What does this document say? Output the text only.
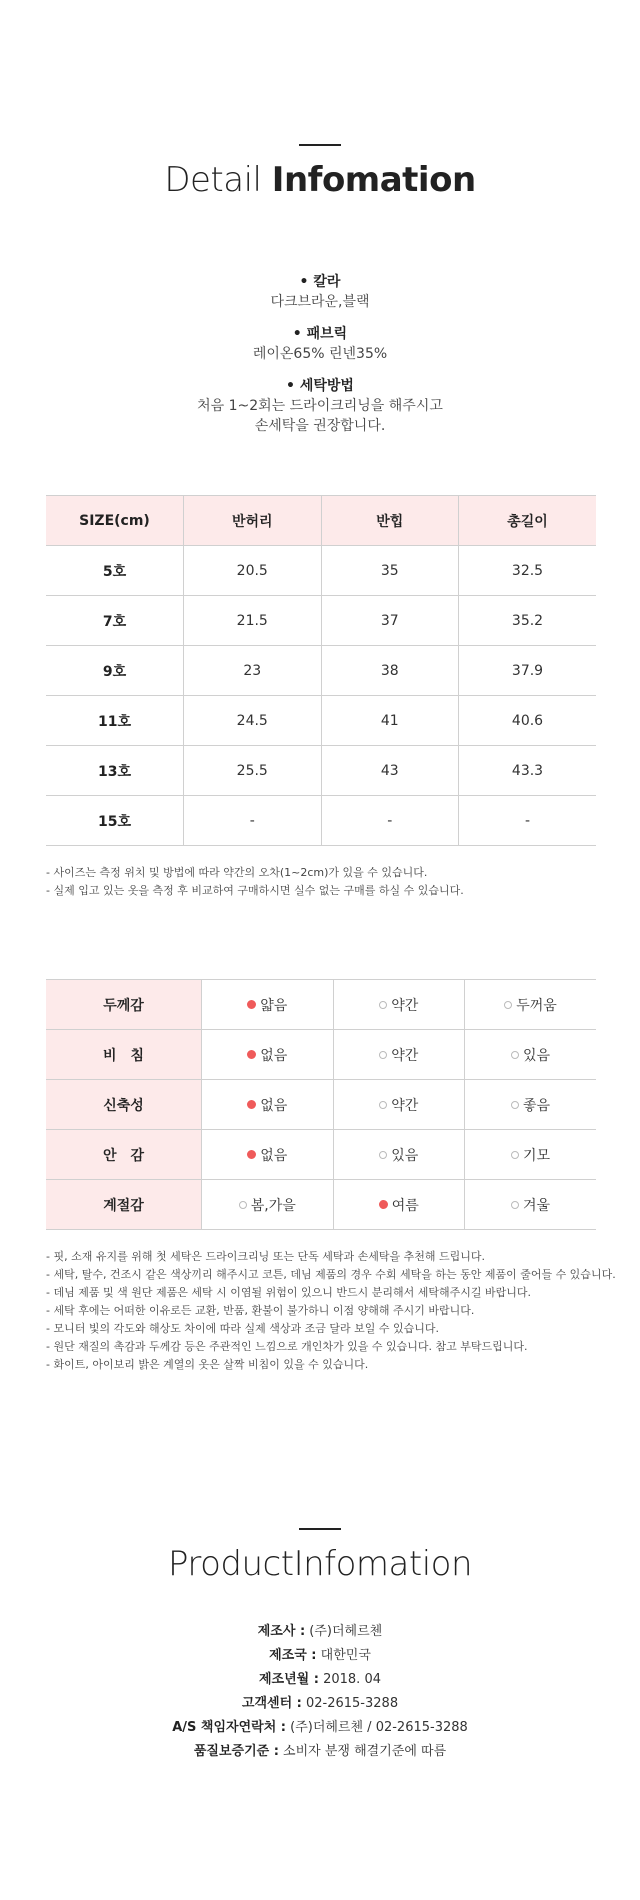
Detail Infomation
• 칼라
다크브라운,블랙
• 패브릭
레이온65% 린넨35%
• 세탁방법
처음 1~2회는 드라이크리닝을 해주시고
손세탁을 권장합니다.
SIZE(cm)	반허리	반힙	총길이
5호	20.5	35	32.5
7호	21.5	37	35.2
9호	23	38	37.9
11호	24.5	41	40.6
13호	25.5	43	43.3
15호	-	-	-
- 사이즈는 측정 위치 및 방법에 따라 약간의 오차(1~2cm)가 있을 수 있습니다.
- 실제 입고 있는 옷을 측정 후 비교하여 구매하시면 실수 없는 구매를 하실 수 있습니다.
두께감	얇음	약간	두꺼움
비　침	없음	약간	있음
신축성	없음	약간	좋음
안　감	없음	있음	기모
계절감	봄,가을	여름	겨울
- 핏, 소재 유지를 위해 첫 세탁은 드라이크리닝 또는 단독 세탁과 손세탁을 추천해 드립니다.
- 세탁, 탈수, 건조시 같은 색상끼리 해주시고 코튼, 데님 제품의 경우 수회 세탁을 하는 동안 제품이 줄어들 수 있습니다.
- 데님 제품 및 색 원단 제품은 세탁 시 이염될 위험이 있으니 반드시 분리해서 세탁해주시길 바랍니다.
- 세탁 후에는 어떠한 이유로든 교환, 반품, 환불이 불가하니 이점 양해해 주시기 바랍니다.
- 모니터 빛의 각도와 해상도 차이에 따라 실제 색상과 조금 달라 보일 수 있습니다.
- 원단 재질의 촉감과 두께감 등은 주관적인 느낌으로 개인차가 있을 수 있습니다. 참고 부탁드립니다.
- 화이트, 아이보리 밝은 계열의 옷은 살짝 비침이 있을 수 있습니다.
ProductInfomation
제조사 : (주)더헤르첸
제조국 : 대한민국
제조년월 : 2018. 04
고객센터 : 02-2615-3288
A/S 책임자연락처 : (주)더헤르첸 / 02-2615-3288
품질보증기준 : 소비자 분쟁 해결기준에 따름
